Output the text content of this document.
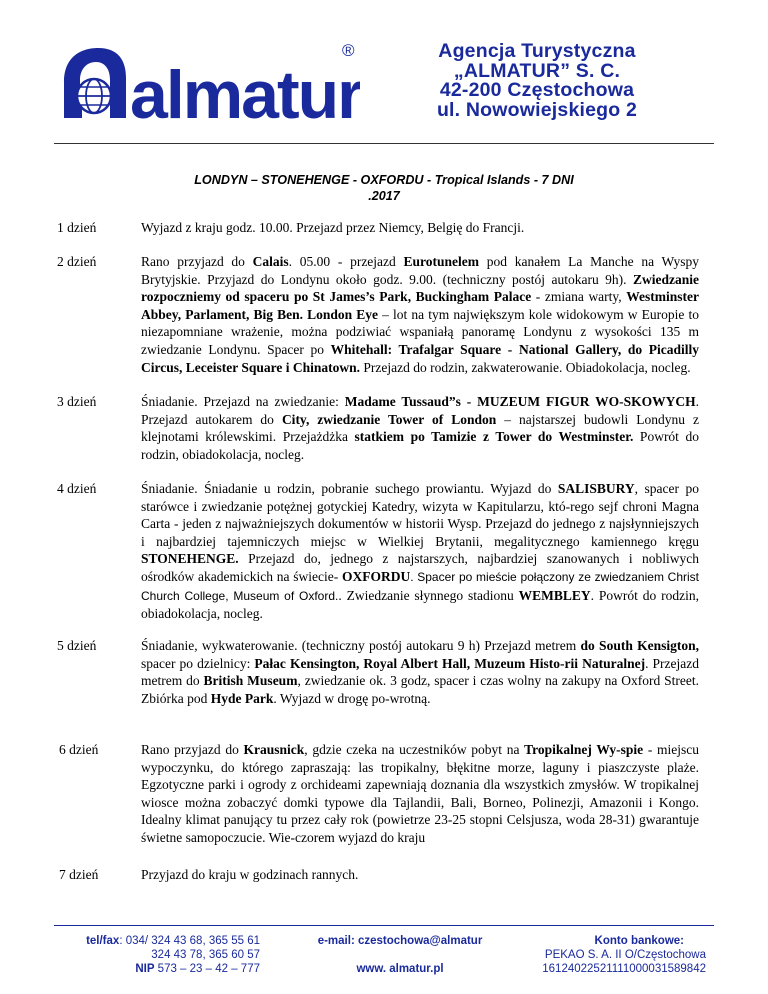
almatur
®	Agencja Turystyczna
„ALMATUR” S. C.
42-200 Częstochowa
ul. Nowowiejskiego 2
LONDYN – STONEHENGE - OXFORDU - Tropical Islands - 7 DNI
.2017
1 dzień	Wyjazd z kraju godz. 10.00. Przejazd przez Niemcy, Belgię do Francji.
2 dzień	Rano przyjazd do Calais. 05.00 - przejazd Eurotunelem pod kanałem La Manche na Wyspy Brytyjskie. Przyjazd do Londynu około godz. 9.00. (techniczny postój autokaru 9h). Zwiedzanie rozpoczniemy od spaceru po St James’s Park, Buckingham Palace - zmiana warty, Westminster Abbey, Parlament, Big Ben. London Eye – lot na tym największym kole widokowym w Europie to niezapomniane wrażenie, można podziwiać wspaniałą panoramę Londynu z wysokości 135 m zwiedzanie Londynu. Spacer po Whitehall: Trafalgar Square - National Gallery, do Picadilly Circus, Leceister Square i Chinatown. Przejazd do rodzin, zakwaterowanie. Obiadokolacja, nocleg.
3 dzień	Śniadanie. Przejazd na zwiedzanie: Madame Tussaud”s - MUZEUM FIGUR WO-SKOWYCH. Przejazd autokarem do City, zwiedzanie Tower of London – najstarszej budowli Londynu z klejnotami królewskimi. Przejażdżka statkiem po Tamizie z Tower do Westminster. Powrót do rodzin, obiadokolacja, nocleg.
4 dzień	Śniadanie. Śniadanie u rodzin, pobranie suchego prowiantu. Wyjazd do SALISBURY, spacer po starówce i zwiedzanie potężnej gotyckiej Katedry, wizyta w Kapitularzu, któ-rego sejf chroni Magna Carta - jeden z najważniejszych dokumentów w historii Wysp. Przejazd do jednego z najsłynniejszych i najbardziej tajemniczych miejsc w Wielkiej Brytanii, megalitycznego kamiennego kręgu STONEHENGE. Przejazd do, jednego z najstarszych, najbardziej szanowanych i nobliwych ośrodków akademickich na świecie- OXFORDU. Spacer po mieście połączony ze zwiedzaniem Christ Church College, Museum of Oxford.. Zwiedzanie słynnego stadionu WEMBLEY. Powrót do rodzin, obiadokolacja, nocleg.
5 dzień	Śniadanie, wykwaterowanie. (techniczny postój autokaru 9 h) Przejazd metrem do South Kensigton, spacer po dzielnicy: Pałac Kensington, Royal Albert Hall, Muzeum Histo-rii Naturalnej. Przejazd metrem do British Museum, zwiedzanie ok. 3 godz, spacer i czas wolny na zakupy na Oxford Street. Zbiórka pod Hyde Park. Wyjazd w drogę po-wrotną.
6 dzień	Rano przyjazd do Krausnick, gdzie czeka na uczestników pobyt na Tropikalnej Wy-spie - miejscu wypoczynku, do którego zapraszają: las tropikalny, błękitne morze, laguny i piaszczyste plaże. Egzotyczne parki i ogrody z orchideami zapewniają doznania dla wszystkich zmysłów. W tropikalnej wiosce można zobaczyć domki typowe dla Tajlandii, Bali, Borneo, Polinezji, Amazonii i Kongo. Idealny klimat panujący tu przez cały rok (powietrze 23-25 stopni Celsjusza, woda 28-31) gwarantuje świetne samopoczucie. Wie-czorem wyjazd do kraju
7 dzień	Przyjazd do kraju w godzinach rannych.
tel/fax: 034/ 324 43 68, 365 55 61
324 43 78, 365 60 57
NIP 573 – 23 – 42 – 777
e-mail: czestochowa@almatur

www. almatur.pl
Konto bankowe:
PEKAO S. A. II O/Częstochowa
16124022521111000031589842
